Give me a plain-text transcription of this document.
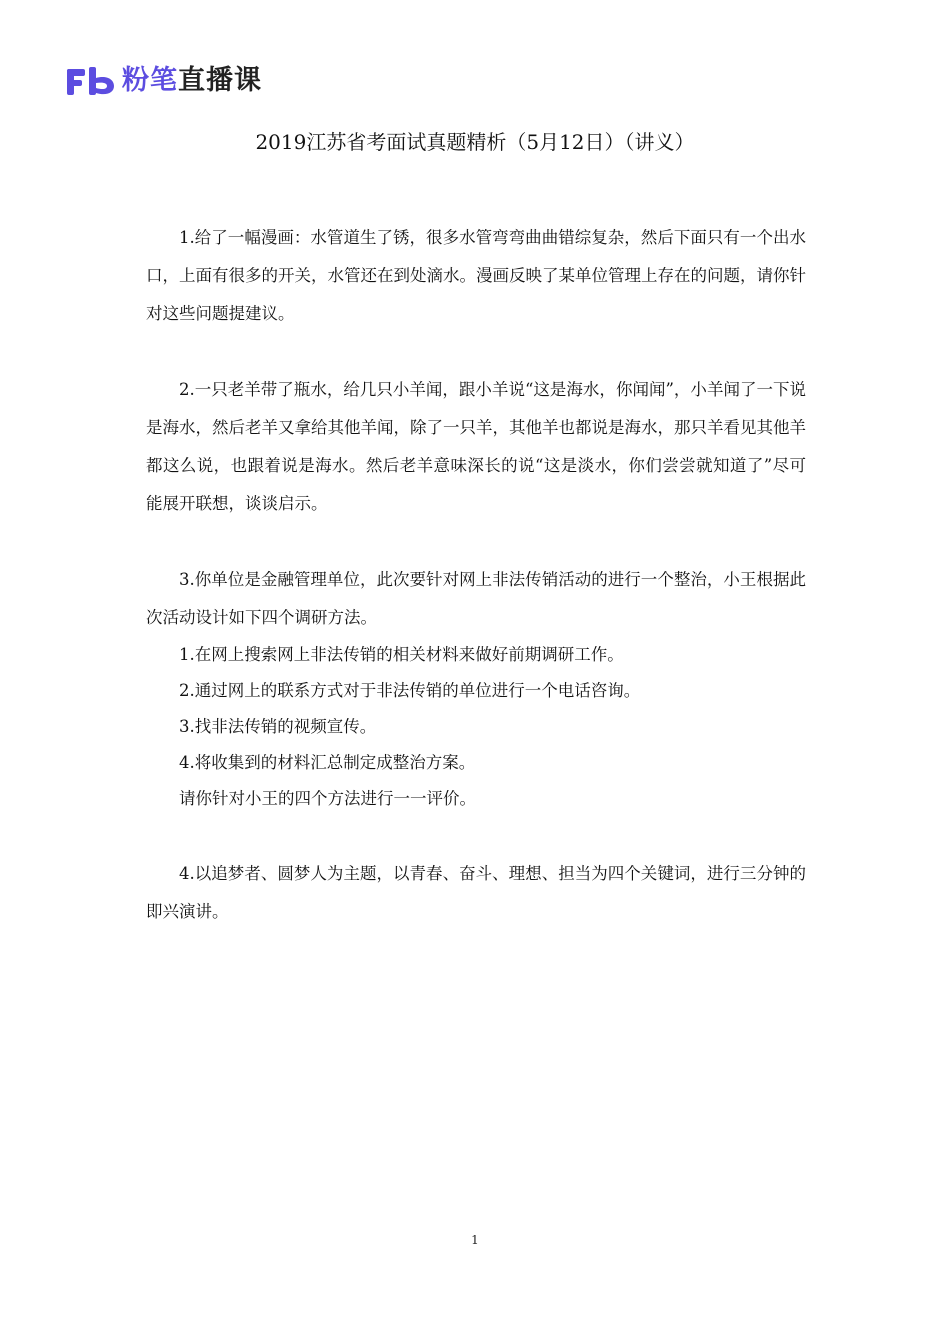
粉笔直播课
2019江苏省考面试真题精析（5月12日）（讲义）

1.给了一幅漫画：水管道生了锈，很多水管弯弯曲曲错综复杂，然后下面只有一个出水口，上面有很多的开关，水管还在到处滴水。漫画反映了某单位管理上存在的问题，请你针对这些问题提建议。

2.一只老羊带了瓶水，给几只小羊闻，跟小羊说“这是海水，你闻闻”，小羊闻了一下说是海水，然后老羊又拿给其他羊闻，除了一只羊，其他羊也都说是海水，那只羊看见其他羊都这么说，也跟着说是海水。然后老羊意味深长的说“这是淡水，你们尝尝就知道了”尽可能展开联想，谈谈启示。

3.你单位是金融管理单位，此次要针对网上非法传销活动的进行一个整治，小王根据此次活动设计如下四个调研方法。

1.在网上搜索网上非法传销的相关材料来做好前期调研工作。

2.通过网上的联系方式对于非法传销的单位进行一个电话咨询。

3.找非法传销的视频宣传。

4.将收集到的材料汇总制定成整治方案。

请你针对小王的四个方法进行一一评价。

4.以追梦者、圆梦人为主题，以青春、奋斗、理想、担当为四个关键词，进行三分钟的即兴演讲。

1
